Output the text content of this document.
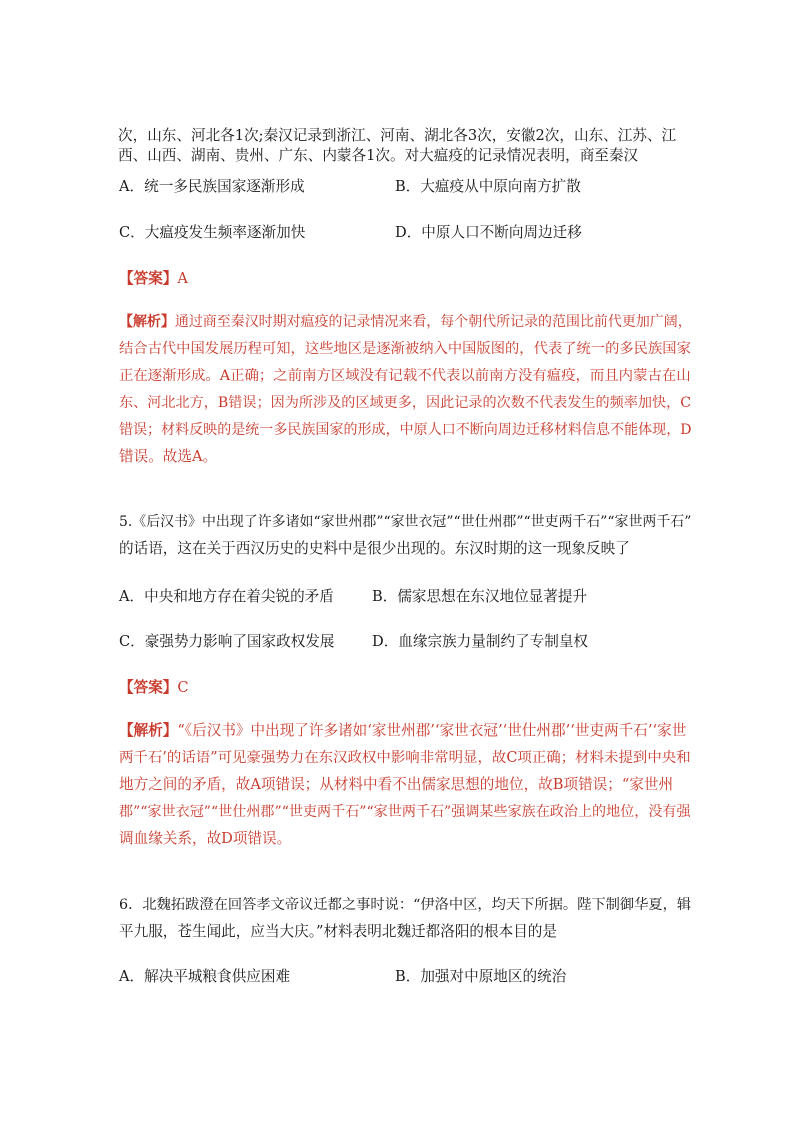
次，山东、河北各1次;秦汉记录到浙江、河南、湖北各3次，安徽2次，山东、江苏、江
西、山西、湖南、贵州、广东、内蒙各1次。对大瘟疫的记录情况表明，商至秦汉
A．统一多民族国家逐渐形成	B．大瘟疫从中原向南方扩散
C．大瘟疫发生频率逐渐加快	D．中原人口不断向周边迁移
【答案】A
【解析】通过商至秦汉时期对瘟疫的记录情况来看，每个朝代所记录的范围比前代更加广阔，
结合古代中国发展历程可知，这些地区是逐渐被纳入中国版图的，代表了统一的多民族国家
正在逐渐形成。A正确；之前南方区域没有记载不代表以前南方没有瘟疫，而且内蒙古在山
东、河北北方，B错误；因为所涉及的区域更多，因此记录的次数不代表发生的频率加快，C
错误；材料反映的是统一多民族国家的形成，中原人口不断向周边迁移材料信息不能体现，D
错误。故选A。
5.《后汉书》中出现了许多诸如“家世州郡”“家世衣冠”“世仕州郡”“世吏两千石”“家世两千石”
的话语，这在关于西汉历史的史料中是很少出现的。东汉时期的这一现象反映了
A．中央和地方存在着尖锐的矛盾	B．儒家思想在东汉地位显著提升
C．豪强势力影响了国家政权发展	D．血缘宗族力量制约了专制皇权
【答案】C
【解析】“《后汉书》中出现了许多诸如‘家世州郡’‘家世衣冠’‘世仕州郡’‘世吏两千石’‘家世
两千石’的话语”可见豪强势力在东汉政权中影响非常明显，故C项正确；材料未提到中央和
地方之间的矛盾，故A项错误；从材料中看不出儒家思想的地位，故B项错误；“家世州
郡”“家世衣冠”“世仕州郡”“世吏两千石”“家世两千石”强调某些家族在政治上的地位，没有强
调血缘关系，故D项错误。
6．北魏拓跋澄在回答孝文帝议迁都之事时说：“伊洛中区，均天下所据。陛下制御华夏，辑
平九服，苍生闻此，应当大庆。”材料表明北魏迁都洛阳的根本目的是
A．解决平城粮食供应困难	B．加强对中原地区的统治
